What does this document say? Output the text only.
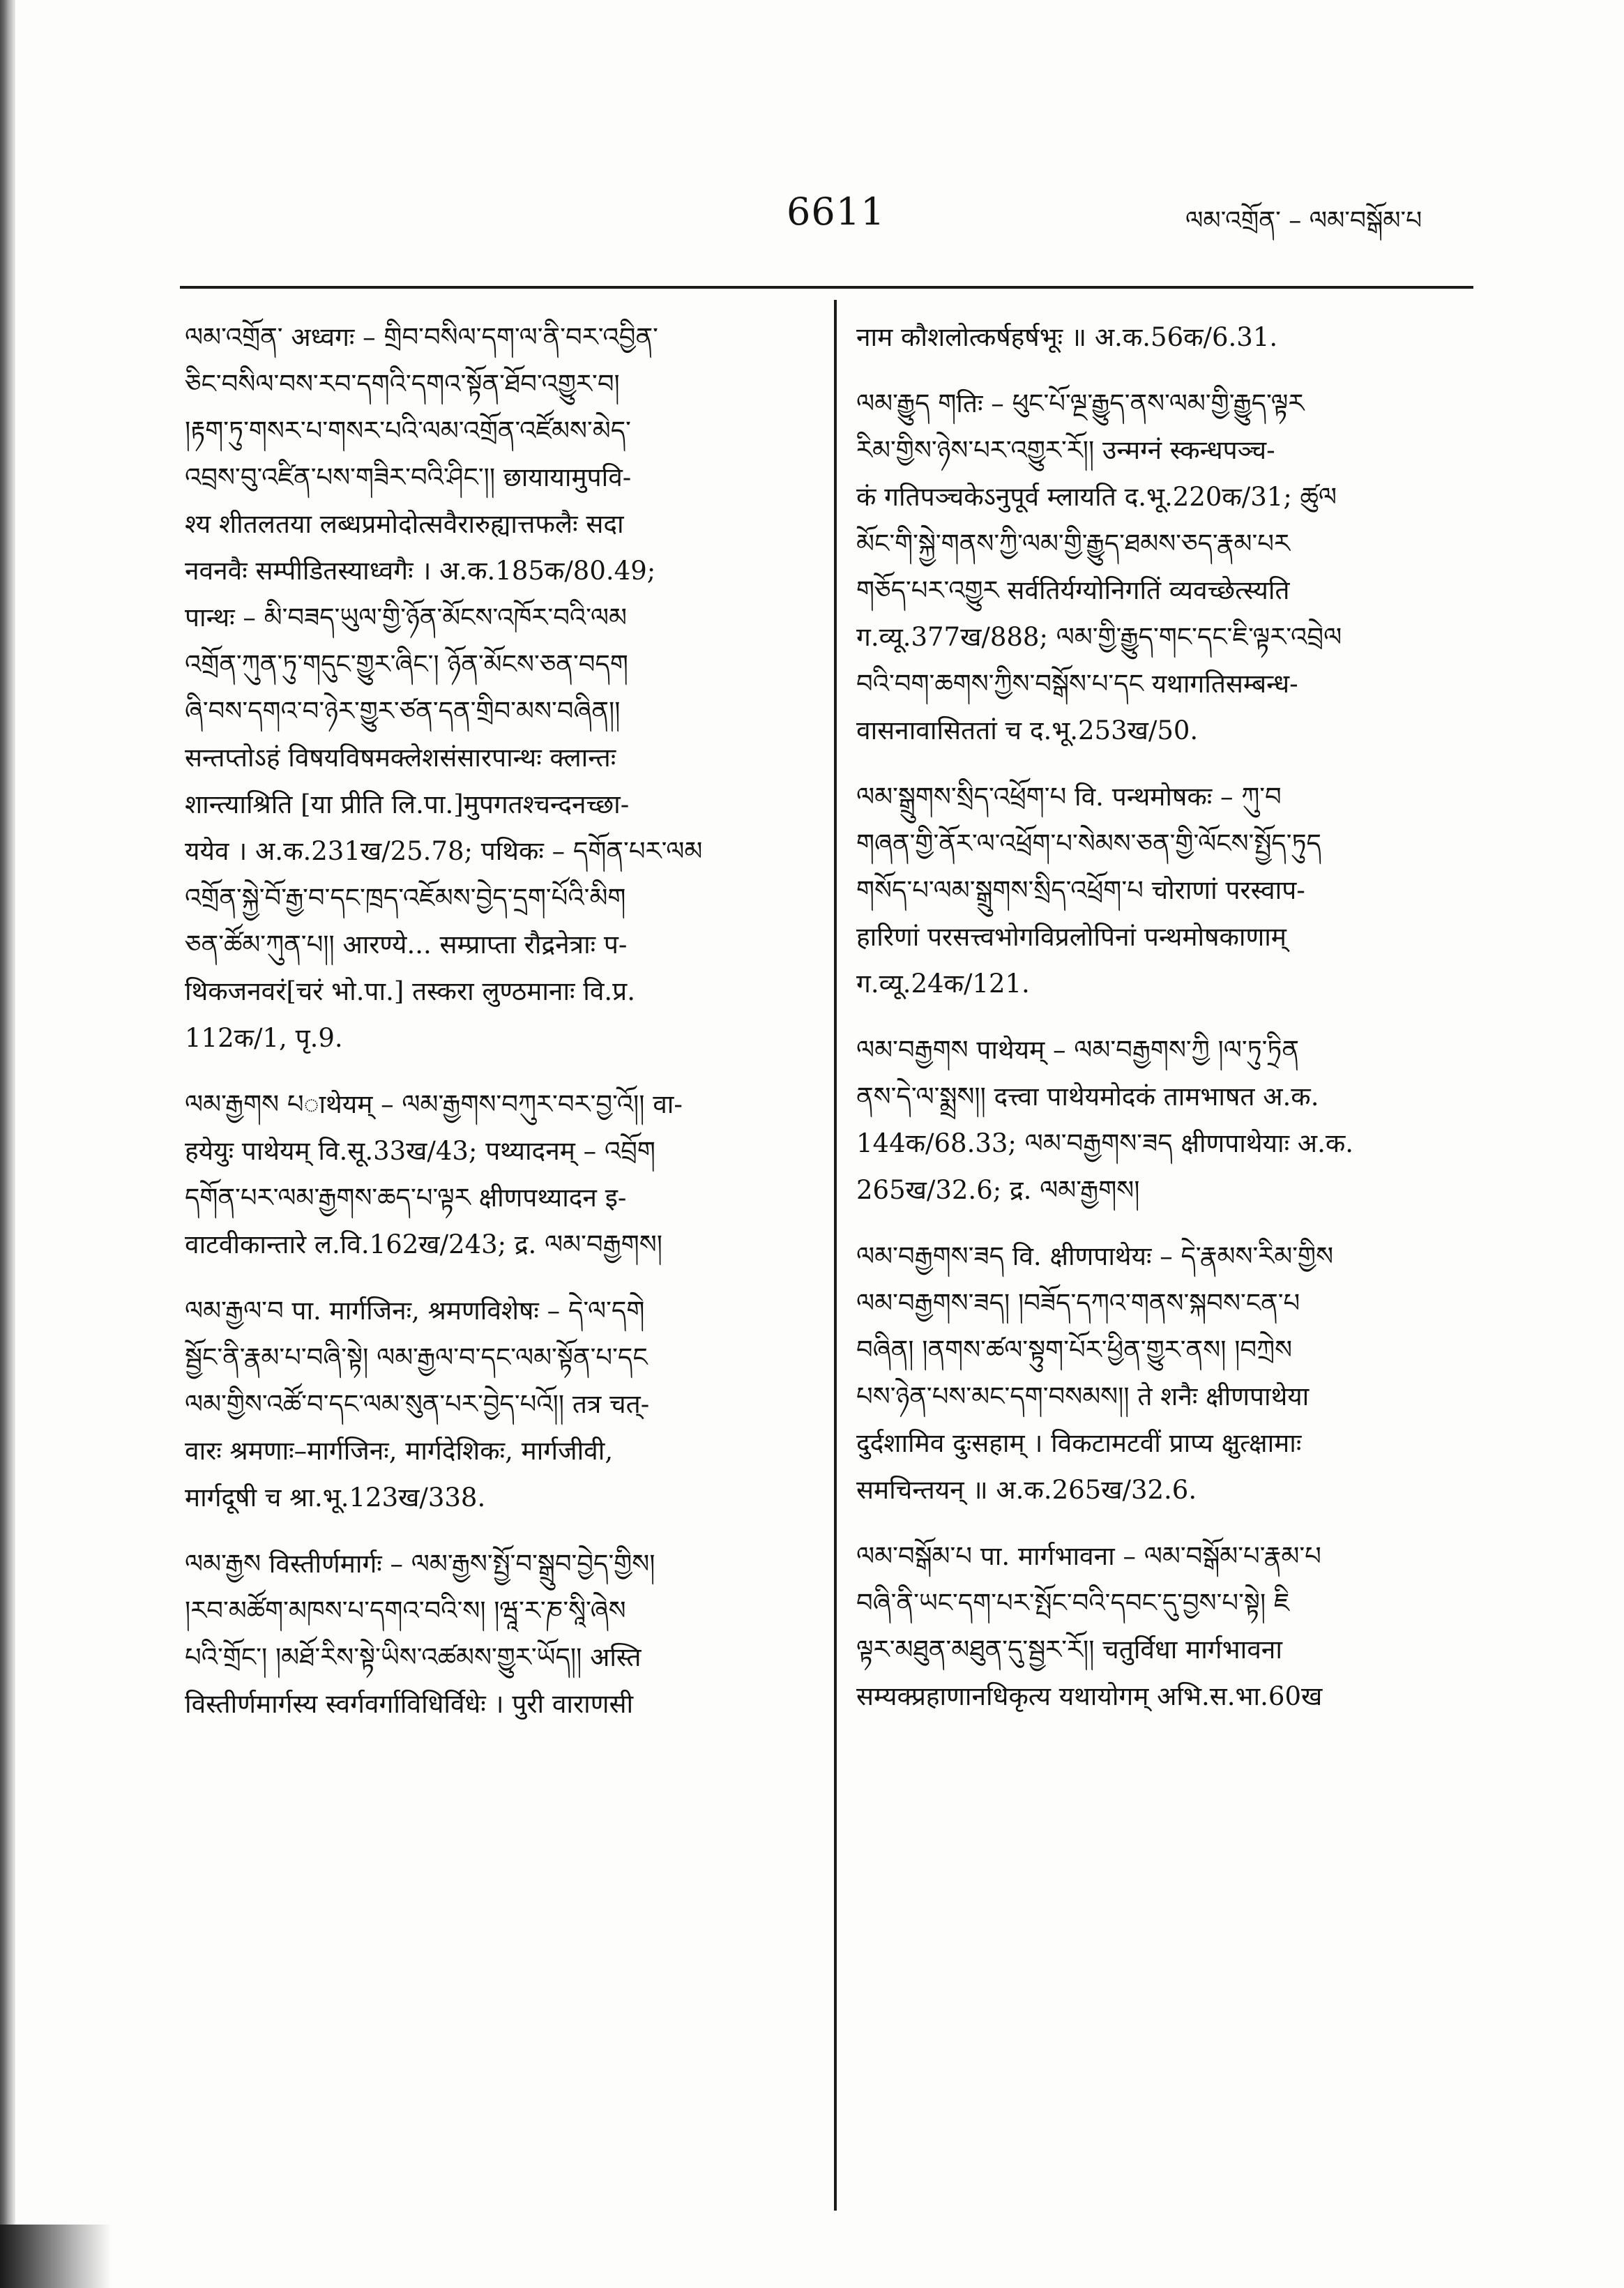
6611	ལམ་འགྲོན་ – ལམ་བསྒོམ་པ
ལམ་འགྲོན་ अध्वगः – གྲིབ་བསིལ་དག་ལ་ནི་བར་འབྱིན་
ཅིང་བསིལ་བས་རབ་དགའི་དགའ་སྟོན་ཐོབ་འགྱུར་བ།
།རྟག་ཏུ་གསར་པ་གསར་པའི་ལམ་འགྲོན་འཛོམས་མེད་
འབྲས་བུ་འཛིན་པས་གཟིར་བའི་ཤིང་།། छायायामुपवि-
श्य शीतलतया लब्धप्रमोदोत्सवैरारुह्यात्तफलैः सदा
नवनवैः सम्पीडितस्याध्वगैः । अ.क.185क/80.49;
पान्थः – མི་བཟད་ཡུལ་གྱི་ཉོན་མོངས་འཁོར་བའི་ལམ
འགྲོན་ཀུན་ཏུ་གདུང་གྱུར་ཞིང་། ཉོན་མོངས་ཅན་བདག
ཞི་བས་དགའ་བ་ཉེར་གྱུར་ཙན་དན་གྲིབ་མས་བཞིན།།
सन्तप्तोऽहं विषयविषमक्लेशसंसारपान्थः क्लान्तः
शान्त्याश्रिति [या प्रीति लि.पा.]मुपगतश्चन्दनच्छा-
ययेव । अ.क.231ख/25.78; पथिकः – དགོན་པར་ལམ
འགྲོན་སྐྱེ་བོ་རྒྱ་བ་དང་ཁྲད་འཇོམས་བྱེད་དྲག་པོའི་མིག
ཅན་ཚོམ་ཀུན་པ།། आरण्ये... सम्प्राप्ता रौद्रनेत्राः प-
थिकजनवरं[चरं भो.पा.] तस्करा लुण्ठमानाः वि.प्र.
112क/1, पृ.9.
ལམ་རྒྱགས པाथेयम् – ལམ་རྒྱགས་བཀུར་བར་བྱ་འོ།། वा-
हयेयुः पाथेयम् वि.सू.33ख/43; पथ्यादनम् – འབྲོག
དགོན་པར་ལམ་རྒྱགས་ཆད་པ་ལྟར क्षीणपथ्यादन इ-
वाटवीकान्तारे ल.वि.162ख/243; द्र. ལམ་བརྒྱགས།
ལམ་རྒྱལ་བ पा. मार्गजिनः, श्रमणविशेषः – དེ་ལ་དགེ
སྦྱོང་ནི་རྣམ་པ་བཞི་སྟེ། ལམ་རྒྱལ་བ་དང་ལམ་སྟོན་པ་དང
ལམ་གྱིས་འཚོ་བ་དང་ལམ་སུན་པར་བྱེད་པའོ།། तत्र चत्-
वारः श्रमणाः–मार्गजिनः, मार्गदेशिकः, मार्गजीवी,
मार्गदूषी च श्रा.भू.123ख/338.
ལམ་རྒྱས विस्तीर्णमार्गः – ལམ་རྒྱས་སྤྱོ་བ་སྒྲུབ་བྱེད་གྱིས།
།རབ་མཚོག་མཁས་པ་དགའ་བའི་ས། །ཝཱ་ར་ཎ་སཱི་ཞེས
པའི་གྲོང་། །མཐོ་རིས་སྟེ་ཡིས་འཚམས་གྱུར་ཡོད།། अस्ति
विस्तीर्णमार्गस्य स्वर्गवर्गाविधिर्विधेः । पुरी वाराणसी
नाम कौशलोत्कर्षहर्षभूः ॥ अ.क.56क/6.31.
ལམ་རྒྱུད གतिः – ཕུང་པོ་ལྔ་རྒྱུད་ནས་ལམ་གྱི་རྒྱུད་ལྟར
རིམ་གྱིས་ཉེས་པར་འགྱུར་རོ།། उन्मग्नं स्कन्धपञ्च-
कं गतिपञ्चकेऽनुपूर्व म्लायति द.भू.220क/31; ཚུལ
མོང་གི་སྐྱེ་གནས་ཀྱི་ལམ་གྱི་རྒྱུད་ཐམས་ཅད་རྣམ་པར
གཅོད་པར་འགྱུར सर्वतिर्यग्योनिगतिं व्यवच्छेत्स्यति
ग.व्यू.377ख/888; ལམ་གྱི་རྒྱུད་གང་དང་ཇི་ལྟར་འབྲེལ
བའི་བག་ཆགས་ཀྱིས་བསྒོས་པ་དང यथागतिसम्बन्ध-
वासनावासिततां च द.भू.253ख/50.
ལམ་སྒྲུགས་སྲིད་འཕྲོག་པ वि. पन्थमोषकः – ཀུ་བ
གཞན་གྱི་ནོར་ལ་འཕྲོག་པ་སེམས་ཅན་གྱི་ལོངས་སྤྱོད་ཏུད
གསོད་པ་ལམ་སྒྲུགས་སྲིད་འཕྲོག་པ चोराणां परस्वाप-
हारिणां परसत्त्वभोगविप्रलोपिनां पन्थमोषकाणाम्
ग.व्यू.24क/121.
ལམ་བརྒྱགས पाथेयम् – ལམ་བརྒྱགས་ཀྱི །ལ་ཏུ་ཏྲིན
ནས་དེ་ལ་སྨྲས།། दत्त्वा पाथेयमोदकं तामभाषत अ.क.
144क/68.33; ལམ་བརྒྱགས་ཟད क्षीणपाथेयाः अ.क.
265ख/32.6; द्र. ལམ་རྒྱགས།
ལམ་བརྒྱགས་ཟད वि. क्षीणपाथेयः – དེ་རྣམས་རིམ་གྱིས
ལམ་བརྒྱགས་ཟད། །བཟོད་དཀའ་གནས་སྐབས་ངན་པ
བཞིན། །ནགས་ཚལ་སྟུག་པོར་ཕྱིན་གྱུར་ནས། །བཀྲེས
པས་ཉེན་པས་མང་དག་བསམས།། ते शनैः क्षीणपाथेया
दुर्दशामिव दुःसहाम् । विकटामटवीं प्राप्य क्षुत्क्षामाः
समचिन्तयन् ॥ अ.क.265ख/32.6.
ལམ་བསྒོམ་པ पा. मार्गभावना – ལམ་བསྒོམ་པ་རྣམ་པ
བཞི་ནི་ཡང་དག་པར་སྤོང་བའི་དབང་དུ་བྱས་པ་སྟེ། ཇི
ལྟར་མཐུན་མཐུན་དུ་སྦྱར་རོ།། चतुर्विधा मार्गभावना
सम्यक्प्रहाणानधिकृत्य यथायोगम् अभि.स.भा.60ख
